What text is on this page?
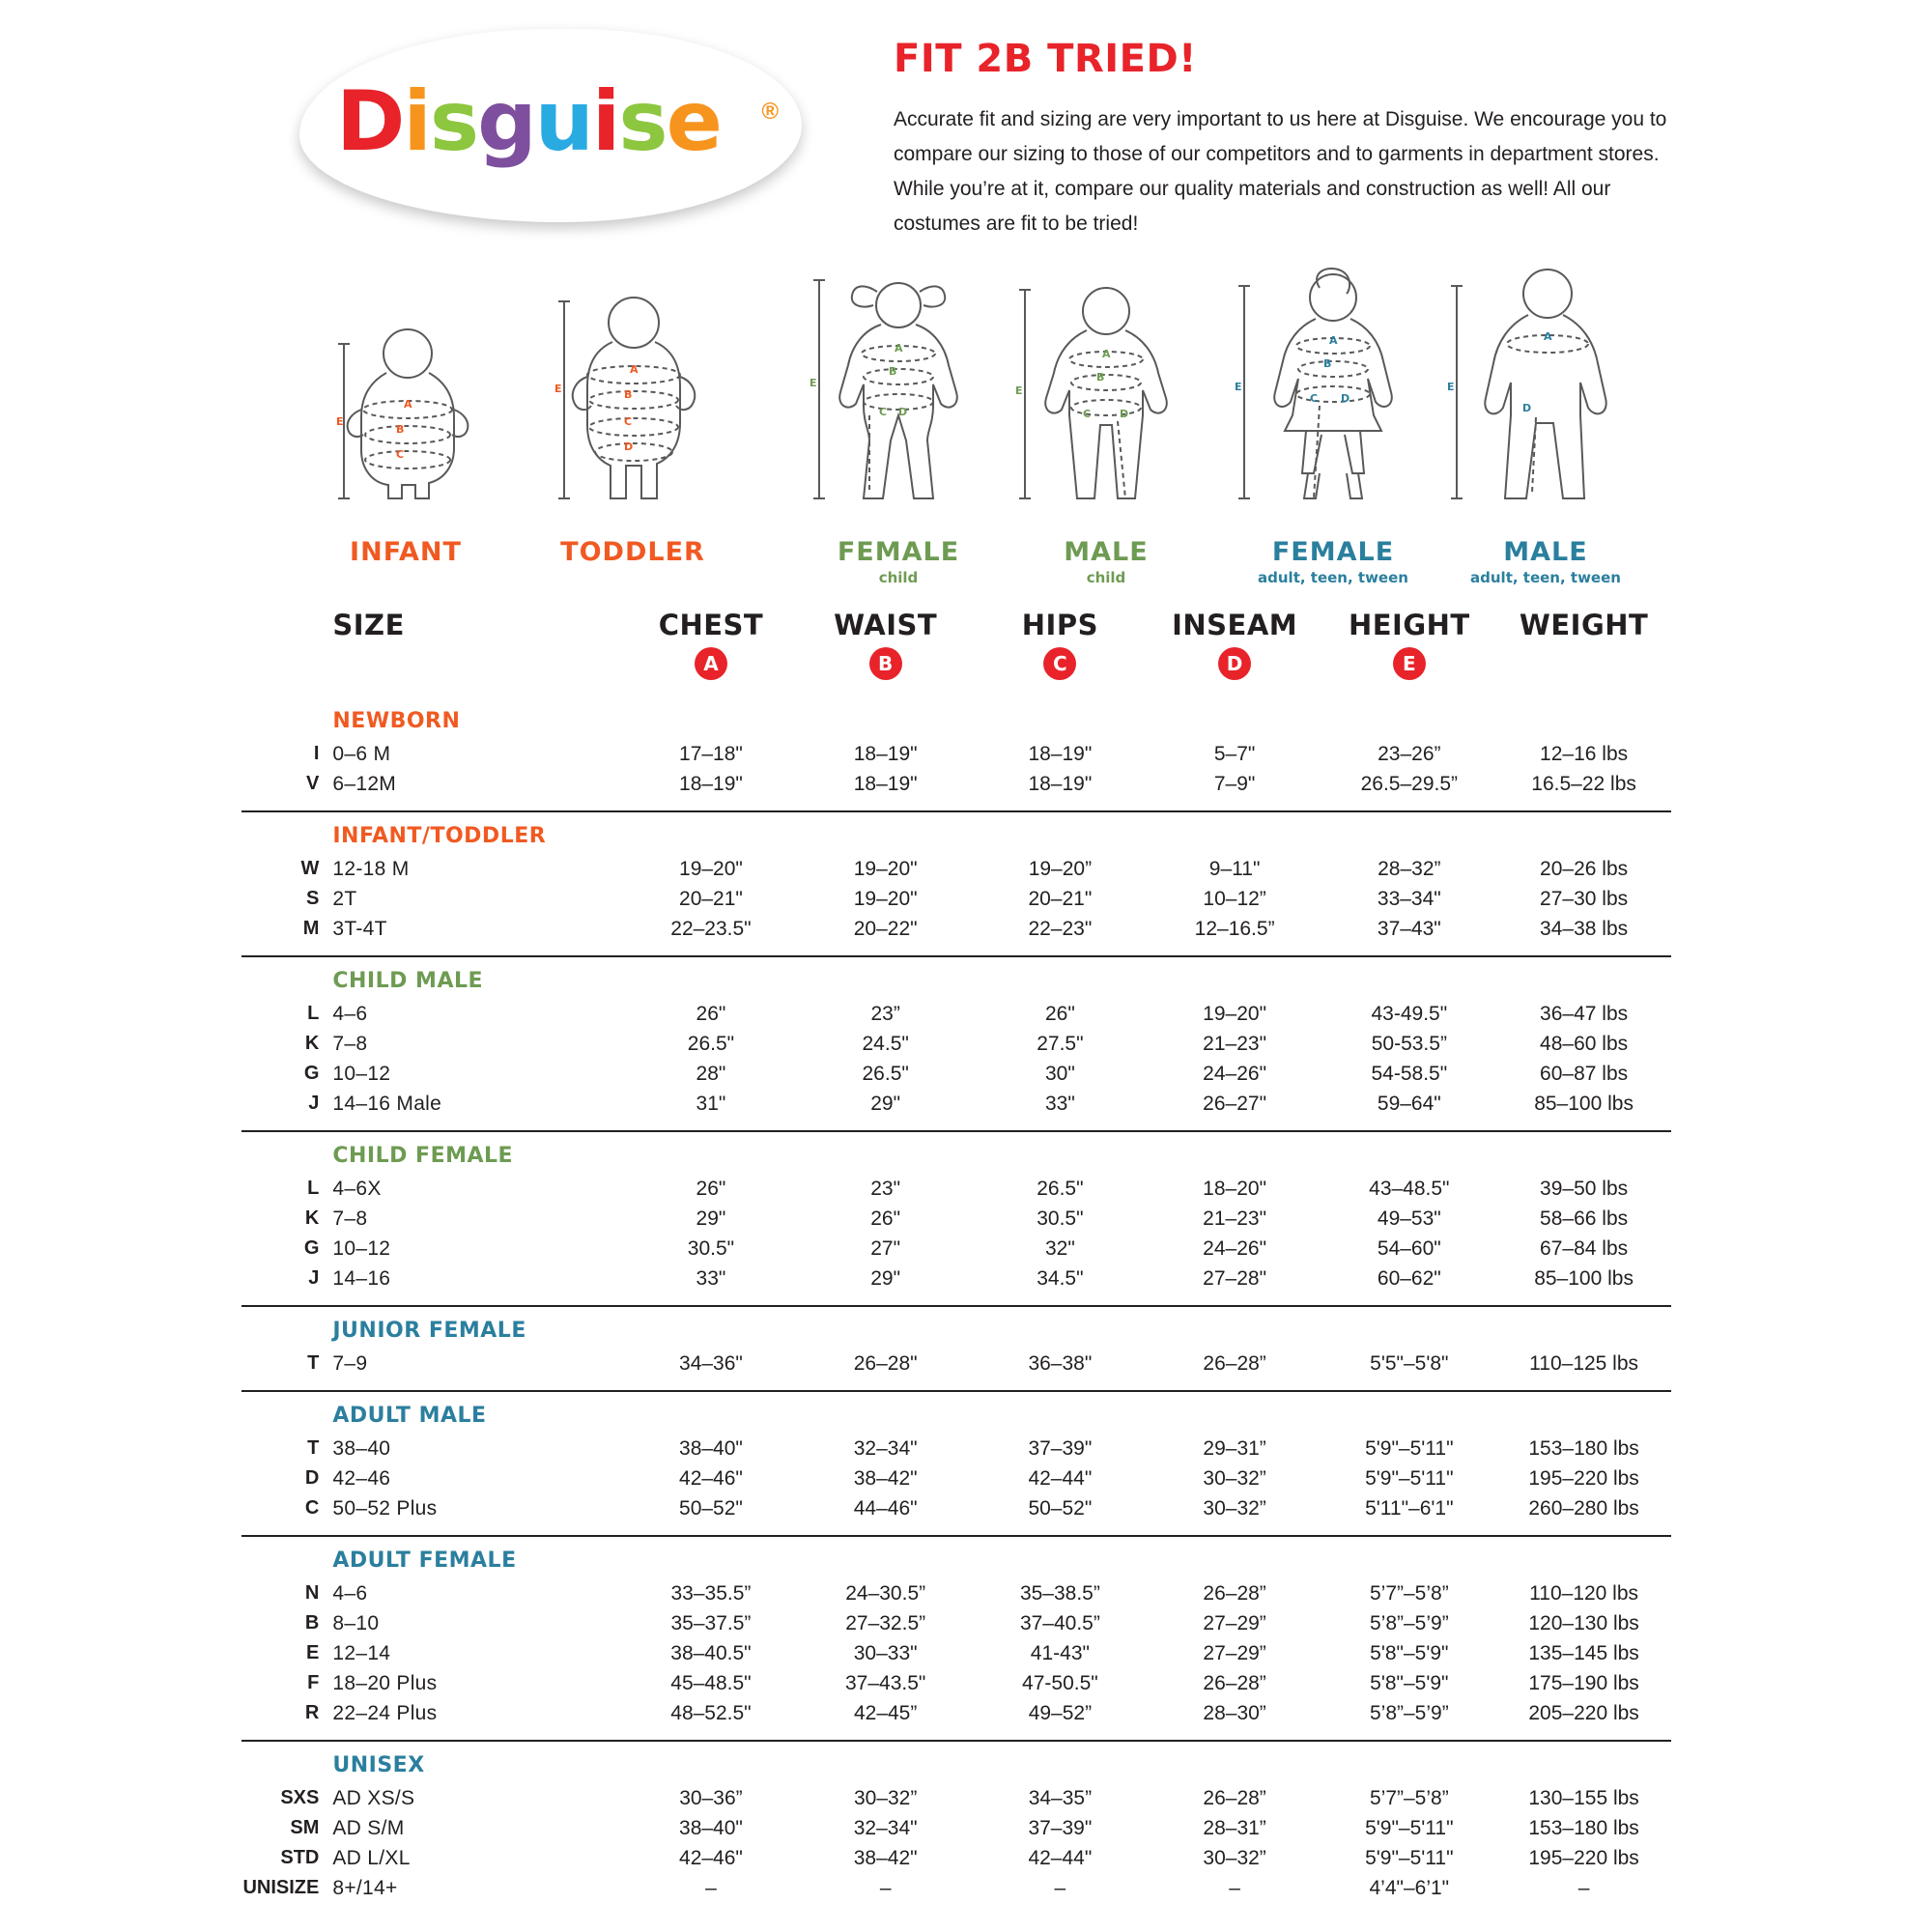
Disguise ®
FIT 2B TRIED!
Accurate fit and sizing are very important to us here at Disguise. We encourage you to compare our sizing to those of our competitors and to garments in department stores. While you’re at it, compare our quality materials and construction as well! All our costumes are fit to be tried!
E
A
B
C
INFANT
E
A
B
C
D
TODDLER
E
A
B
C D
FEMALE
child
E
A
B
C	D
MALE
child
E
A
B
C D
FEMALE
adult, teen, tween
E
A
D
MALE
adult, teen, tween
	SIZE	CHEST	WAIST	HIPS	INSEAM	HEIGHT	WEIGHT
		A	B	C	D	E	
	NEWBORN						
I	0–6 M	17–18"	18–19"	18–19"	5–7"	23–26”	12–16 lbs
V	6–12M	18–19"	18–19"	18–19"	7–9"	26.5–29.5”	16.5–22 lbs

	INFANT/TODDLER						
W	12-18 M	19–20"	19–20"	19–20”	9–11"	28–32”	20–26 lbs
S	2T	20–21"	19–20"	20–21"	10–12”	33–34"	27–30 lbs
M	3T-4T	22–23.5"	20–22"	22–23"	12–16.5”	37–43"	34–38 lbs

	CHILD MALE						
L	4–6	26"	23”	26"	19–20"	43-49.5"	36–47 lbs
K	7–8	26.5"	24.5"	27.5"	21–23"	50-53.5”	48–60 lbs
G	10–12	28"	26.5"	30"	24–26"	54-58.5"	60–87 lbs
J	14–16 Male	31"	29"	33"	26–27"	59–64"	85–100 lbs

	CHILD FEMALE						
L	4–6X	26"	23"	26.5"	18–20"	43–48.5"	39–50 lbs
K	7–8	29"	26"	30.5"	21–23"	49–53"	58–66 lbs
G	10–12	30.5"	27"	32"	24–26"	54–60"	67–84 lbs
J	14–16	33"	29"	34.5"	27–28"	60–62"	85–100 lbs

	JUNIOR FEMALE						
T	7–9	34–36"	26–28"	36–38"	26–28”	5'5"–5'8"	110–125 lbs

	ADULT MALE						
T	38–40	38–40"	32–34"	37–39"	29–31”	5'9"–5'11"	153–180 lbs
D	42–46	42–46"	38–42"	42–44"	30–32”	5'9"–5'11"	195–220 lbs
C	50–52 Plus	50–52"	44–46"	50–52"	30–32”	5'11"–6'1"	260–280 lbs

	ADULT FEMALE						
N	4–6	33–35.5”	24–30.5”	35–38.5”	26–28”	5’7”–5’8”	110–120 lbs
B	8–10	35–37.5”	27–32.5”	37–40.5”	27–29”	5’8”–5’9”	120–130 lbs
E	12–14	38–40.5"	30–33"	41-43"	27–29”	5'8"–5'9"	135–145 lbs
F	18–20 Plus	45–48.5"	37–43.5"	47-50.5"	26–28”	5'8"–5'9"	175–190 lbs
R	22–24 Plus	48–52.5"	42–45”	49–52”	28–30”	5’8”–5’9”	205–220 lbs

	UNISEX						
SXS	AD XS/S	30–36”	30–32”	34–35”	26–28”	5’7”–5’8”	130–155 lbs
SM	AD S/M	38–40"	32–34"	37–39"	28–31”	5'9"–5'11"	153–180 lbs
STD	AD L/XL	42–46"	38–42"	42–44"	30–32”	5'9"–5'11"	195–220 lbs
UNISIZE	8+/14+	–	–	–	–	4’4"–6’1"	–
